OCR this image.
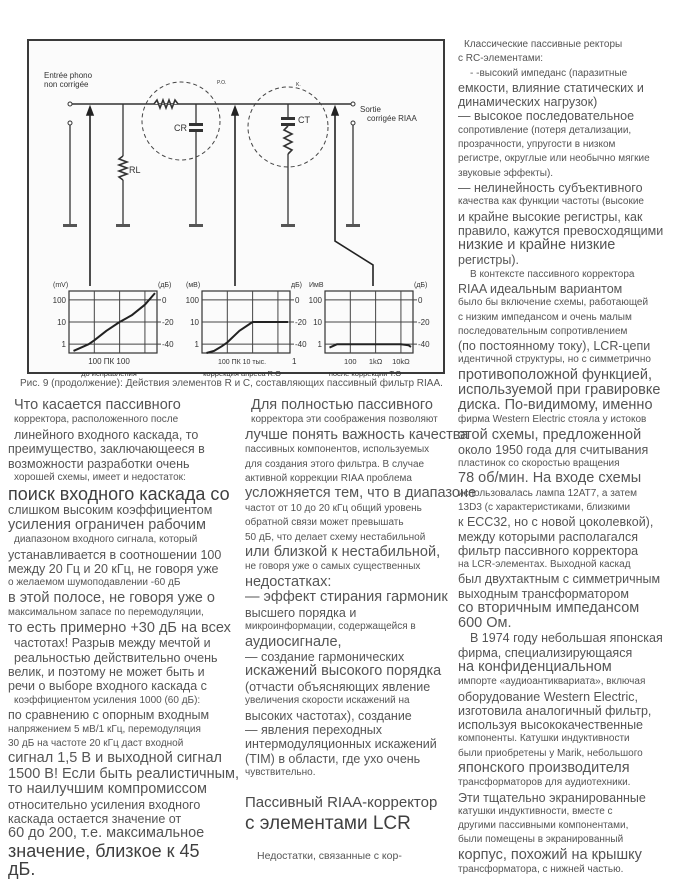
Entrée phono
non corrigée
Sortie
corrigée RIAA
RL
CR
CT
P.O.	K.
100
10
1
0
-20
-40
(mV)	(дБ)
100 ПК 100
до исправления
100
10
1
0
-20
-40
(мВ)	дБ)
100 ПК 10 тыс.	1
коррекция апреса R.O
100
10
1
0
-20
-40
ИмВ	(дБ)
100 1kΩ 10kΩ
после коррекции Т.О
Рис. 9 (продолжение): Действия элементов R и C, составляющих пассивный фильтр RIAA.
Что касается пассивного
корректора, расположенного после
линейного входного каскада, то
преимущество, заключающееся в
возможности разработки очень
хорошей схемы, имеет и недостаток:
поиск входного каскада со
слишком высоким коэффициентом
усиления ограничен рабочим
диапазоном входного сигнала, который
устанавливается в соотношении 100
между 20 Гц и 20 кГц, не говоря уже
о желаемом шумоподавлении -60 дБ
в этой полосе, не говоря уже о
максимальном запасе по перемодуляции,
то есть примерно +30 дБ на всех
частотах! Разрыв между мечтой и
реальностью действительно очень
велик, и поэтому не может быть и
речи о выборе входного каскада с
коэффициентом усиления 1000 (60 дБ):
по сравнению с опорным входным
напряжением 5 мВ/1 кГц, перемодуляция
30 дБ на частоте 20 кГц даст входной
сигнал 1,5 В и выходной сигнал
1500 В! Если быть реалистичным,
то наилучшим компромиссом
относительно усиления входного
каскада остается значение от
60 до 200, т.е. максимальное
значение, близкое к 45
дБ.
Для полностью пассивного
корректора эти соображения позволяют
лучше понять важность качества
пассивных компонентов, используемых
для создания этого фильтра. В случае
активной коррекции RIAA проблема
усложняется тем, что в диапазоне
частот от 10 до 20 кГц общий уровень
обратной связи может превышать
50 дБ, что делает схему нестабильной
или близкой к нестабильной,
не говоря уже о самых существенных
недостатках:
— эффект стирания гармоник
высшего порядка и
микроинформации, содержащейся в
аудиосигнале,
— создание гармонических
искажений высокого порядка
(отчасти объясняющих явление
увеличения скорости искажений на
высоких частотах), создание
— явления переходных
интермодуляционных искажений
(TIM) в области, где ухо очень
чувствительно.
Пассивный RIAA-корректор
с элементами LCR
Недостатки, связанные с кор-
Классические пассивные ректоры
с RC-элементами:
- -высокий импеданс (паразитные
емкости, влияние статических и
динамических нагрузок)
— высокое последовательное
сопротивление (потеря детализации,
прозрачности, упругости в низком
регистре, округлые или необычно мягкие
звуковые эффекты).
— нелинейность субъективного
качества как функции частоты (высокие
и крайне высокие регистры, как
правило, кажутся превосходящими
низкие и крайне низкие
регистры).
В контексте пассивного корректора
RIAA идеальным вариантом
было бы включение схемы, работающей
с низким импедансом и очень малым
последовательным сопротивлением
(по постоянному току), LCR-цепи
идентичной структуры, но с симметрично
противоположной функцией,
используемой при гравировке
диска. По-видимому, именно
фирма Western Electric стояла у истоков
этой схемы, предложенной
около 1950 года для считывания
пластинок со скоростью вращения
78 об/мин. На входе схемы
использовалась лампа 12AT7, а затем
13D3 (с характеристиками, близкими
к ECC32, но с новой цоколевкой),
между которыми располагался
фильтр пассивного корректора
на LCR-элементах. Выходной каскад
был двухтактным с симметричным
выходным трансформатором
со вторичным импедансом
600 Ом.
В 1974 году небольшая японская
фирма, специализирующаяся
на конфиденциальном
импорте «аудиоантиквариата», включая
оборудование Western Electric,
изготовила аналогичный фильтр,
используя высококачественные
компоненты. Катушки индуктивности
были приобретены у Marik, небольшого
японского производителя
трансформаторов для аудиотехники.
Эти тщательно экранированные
катушки индуктивности, вместе с
другими пассивными компонентами,
были помещены в экранированный
корпус, похожий на крышку
трансформатора, с нижней частью.
